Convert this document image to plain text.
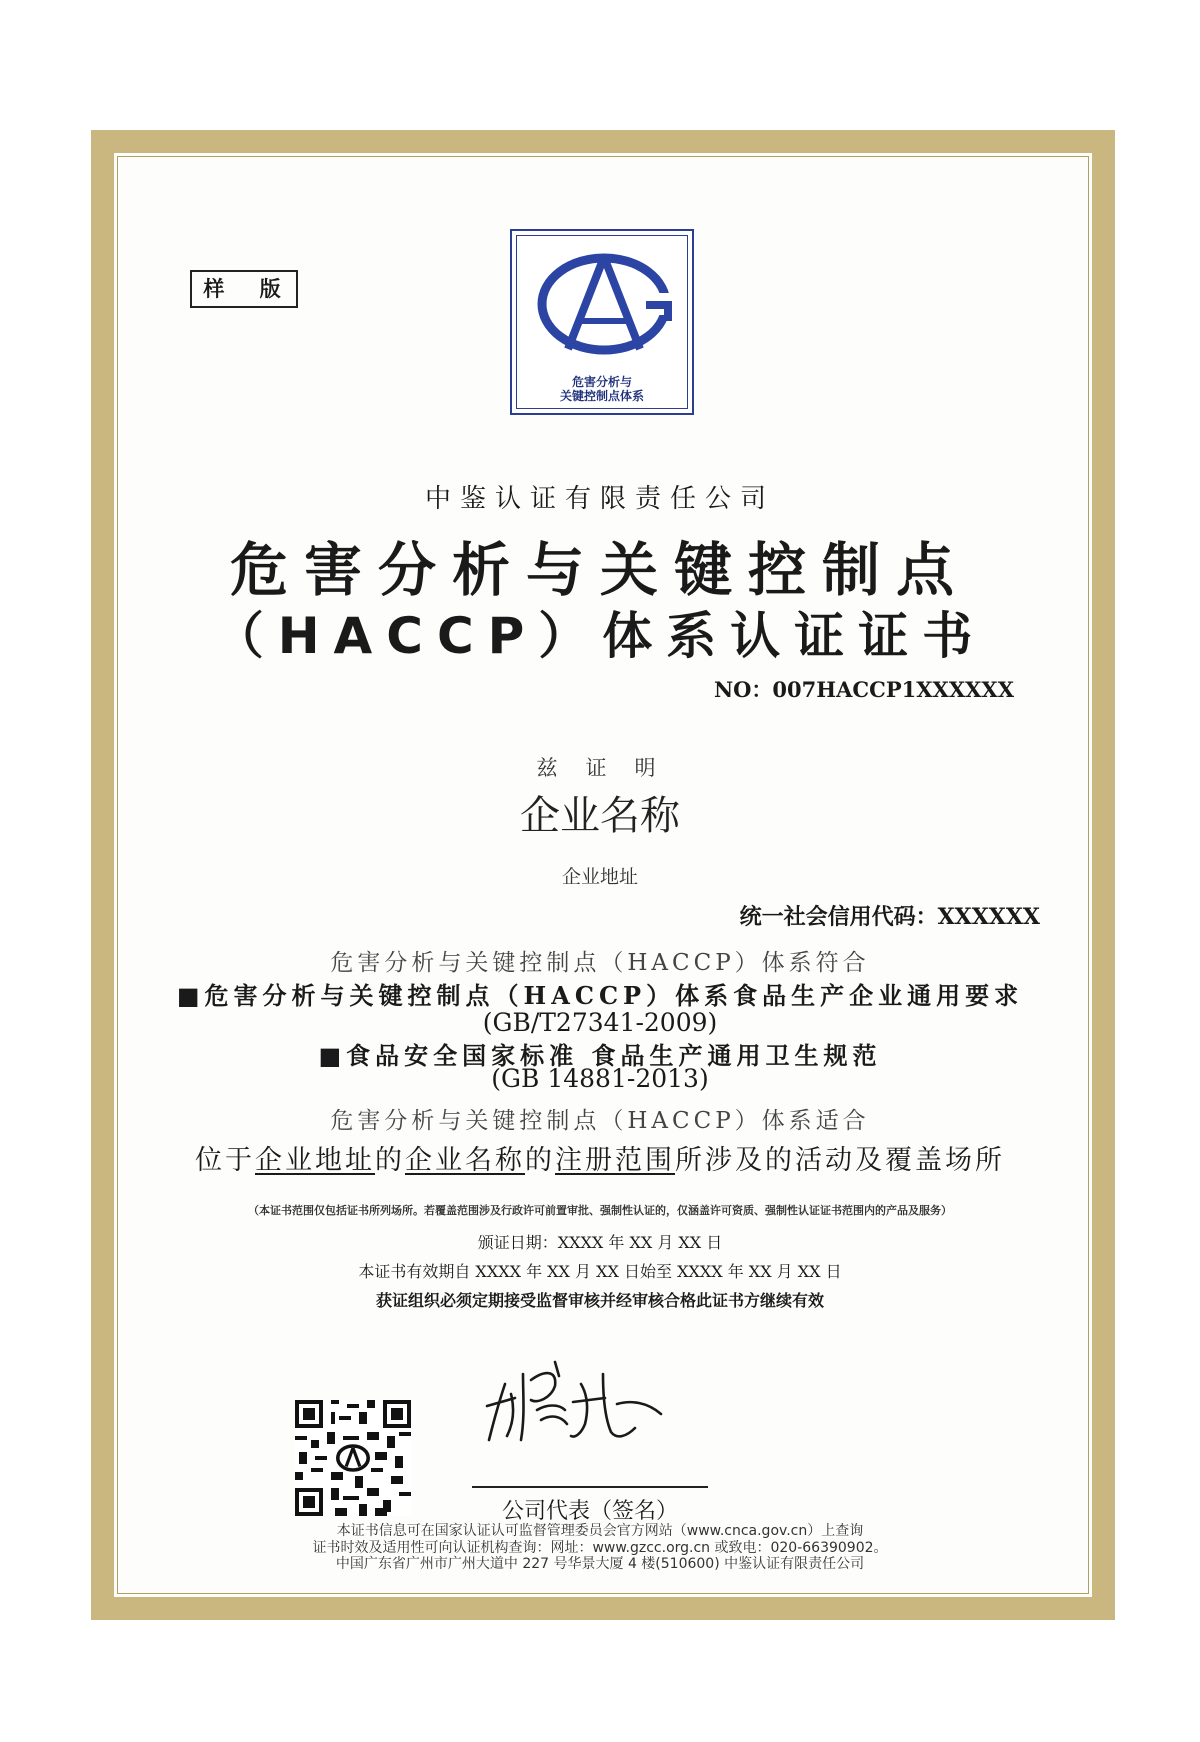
样 版
危害分析与
关键控制点体系
中鉴认证有限责任公司
危害分析与关键控制点
（HACCP）体系认证证书
NO：007HACCP1XXXXXX
兹证明
企业名称
企业地址
统一社会信用代码：XXXXXX
危害分析与关键控制点（HACCP）体系符合
■危害分析与关键控制点（HACCP）体系食品生产企业通用要求
(GB/T27341-2009)
■食品安全国家标准 食品生产通用卫生规范
(GB 14881-2013)
危害分析与关键控制点（HACCP）体系适合
位于企业地址的企业名称的注册范围所涉及的活动及覆盖场所
（本证书范围仅包括证书所列场所。若覆盖范围涉及行政许可前置审批、强制性认证的，仅涵盖许可资质、强制性认证证书范围内的产品及服务）
颁证日期：XXXX 年 XX 月 XX 日
本证书有效期自 XXXX 年 XX 月 XX 日始至 XXXX 年 XX 月 XX 日
获证组织必须定期接受监督审核并经审核合格此证书方继续有效
公司代表（签名）
本证书信息可在国家认证认可监督管理委员会官方网站（www.cnca.gov.cn）上查询
证书时效及适用性可向认证机构查询：网址：www.gzcc.org.cn 或致电：020-66390902。
中国广东省广州市广州大道中 227 号华景大厦 4 楼(510600) 中鉴认证有限责任公司
